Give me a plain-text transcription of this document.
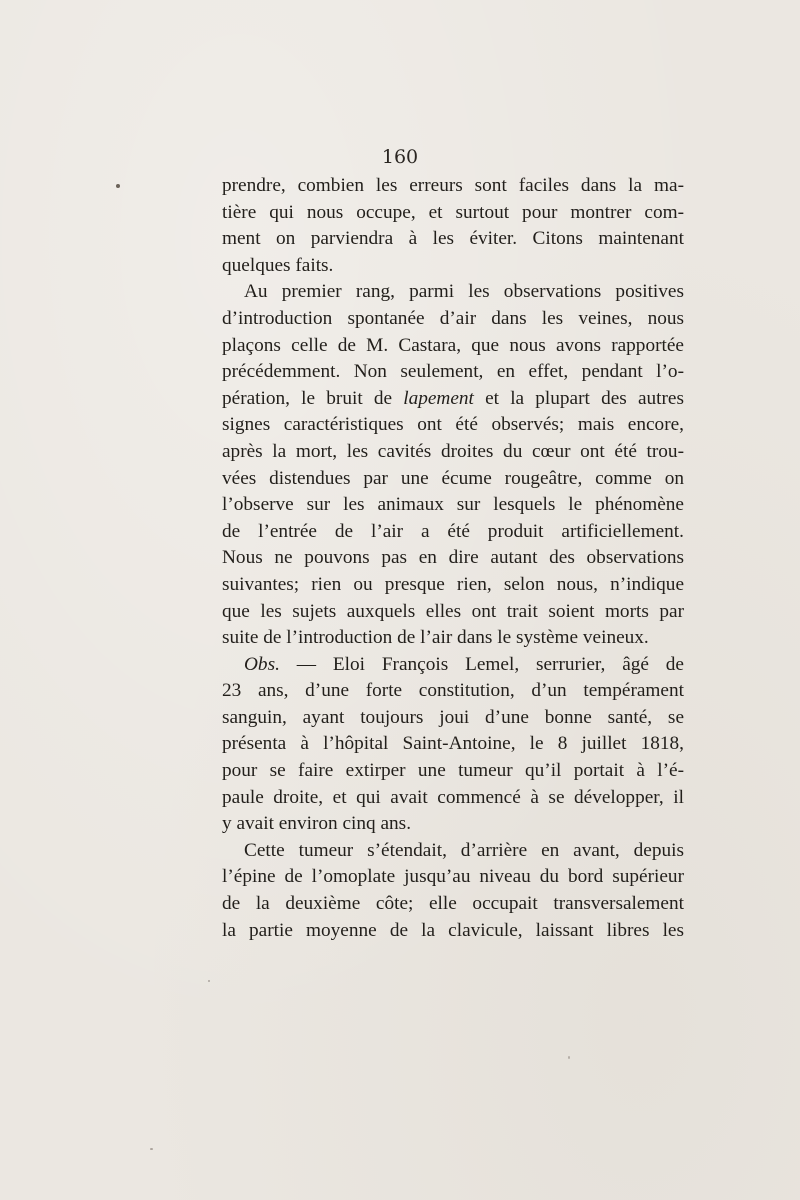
160
prendre, combien les erreurs sont faciles dans la ma-
tière qui nous occupe, et surtout pour montrer com-
ment on parviendra à les éviter. Citons maintenant
quelques faits.
Au premier rang, parmi les observations positives
d’introduction spontanée d’air dans les veines, nous
plaçons celle de M. Castara, que nous avons rapportée
précédemment. Non seulement, en effet, pendant l’o-
pération, le bruit de lapement et la plupart des autres
signes caractéristiques ont été observés; mais encore,
après la mort, les cavités droites du cœur ont été trou-
vées distendues par une écume rougeâtre, comme on
l’observe sur les animaux sur lesquels le phénomène
de l’entrée de l’air a été produit artificiellement.
Nous ne pouvons pas en dire autant des observations
suivantes; rien ou presque rien, selon nous, n’indique
que les sujets auxquels elles ont trait soient morts par
suite de l’introduction de l’air dans le système veineux.
Obs. — Eloi François Lemel, serrurier, âgé de
23 ans, d’une forte constitution, d’un tempérament
sanguin, ayant toujours joui d’une bonne santé, se
présenta à l’hôpital Saint-Antoine, le 8 juillet 1818,
pour se faire extirper une tumeur qu’il portait à l’é-
paule droite, et qui avait commencé à se développer, il
y avait environ cinq ans.
Cette tumeur s’étendait, d’arrière en avant, depuis
l’épine de l’omoplate jusqu’au niveau du bord supérieur
de la deuxième côte; elle occupait transversalement
la partie moyenne de la clavicule, laissant libres les
